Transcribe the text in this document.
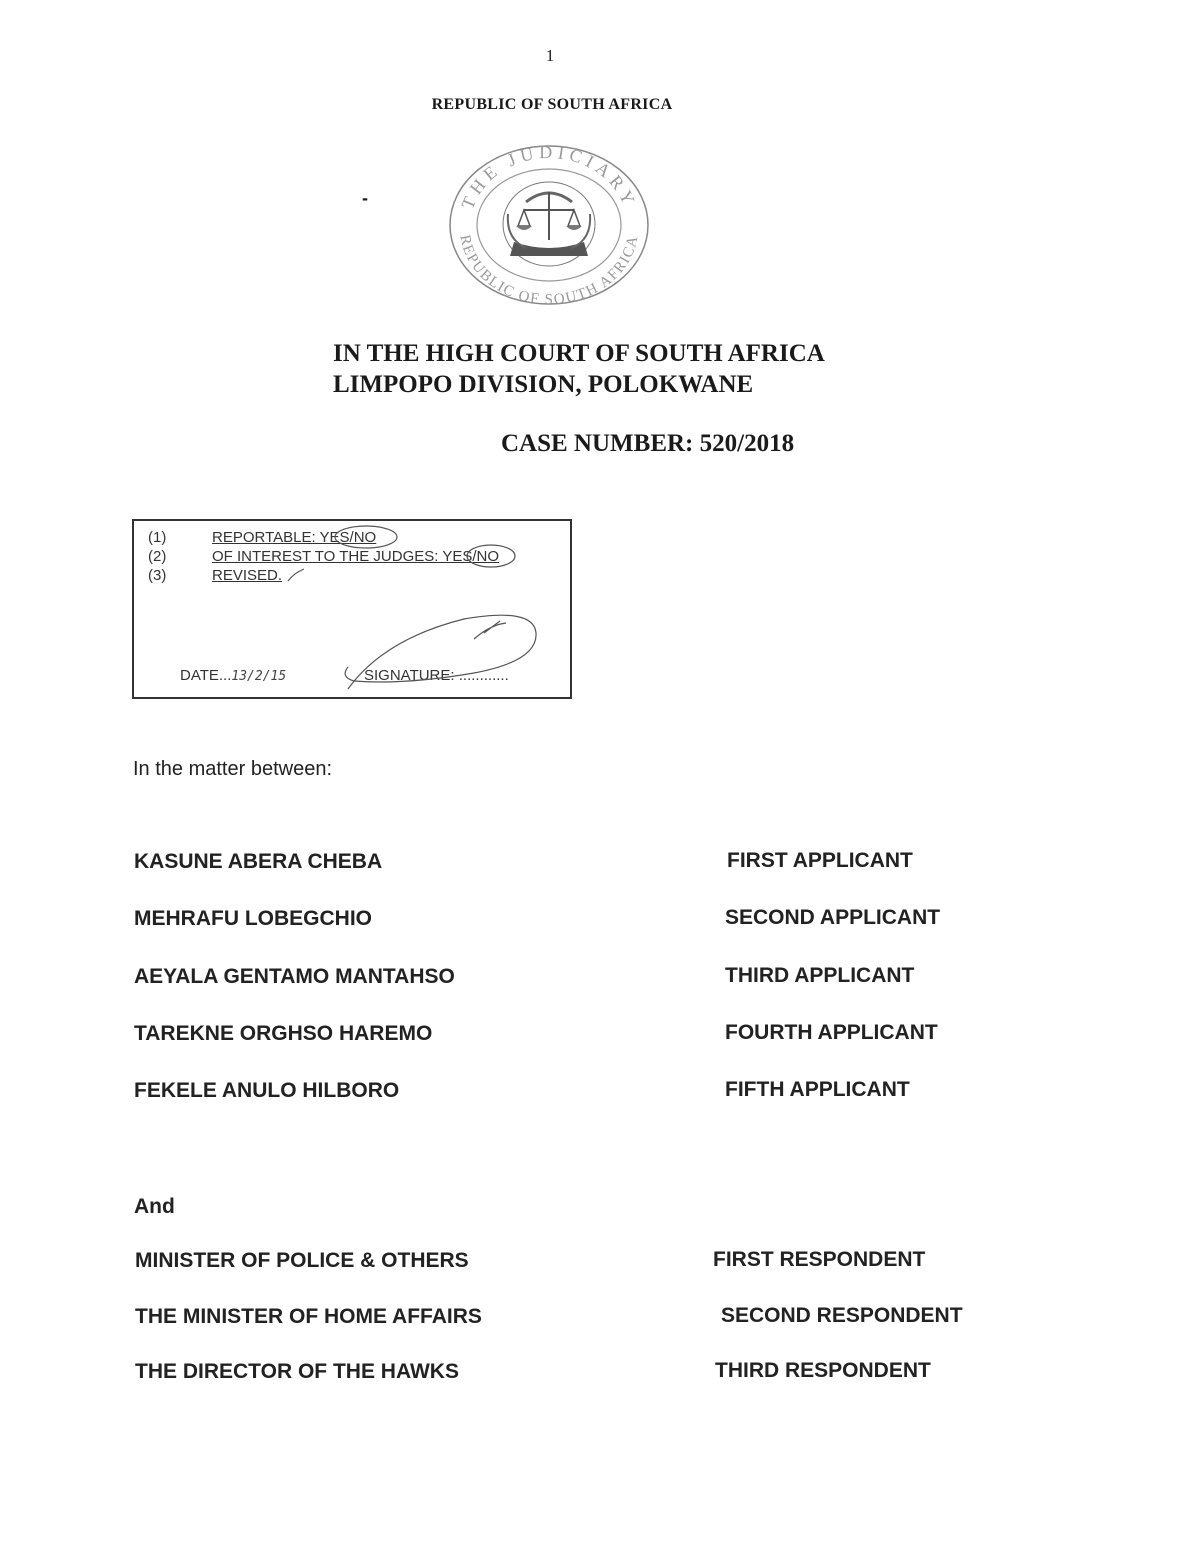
1
REPUBLIC OF SOUTH AFRICA
-	THE JUDICIARY
REPUBLIC OF SOUTH AFRICA
IN THE HIGH COURT OF SOUTH AFRICA
LIMPOPO DIVISION, POLOKWANE
CASE NUMBER: 520/2018
(1)	REPORTABLE: YES/NO
(2)	OF INTEREST TO THE JUDGES: YES/NO
(3)	REVISED.
DATE...13/2/15	SIGNATURE: ............
In the matter between:
KASUNE ABERA CHEBA	FIRST APPLICANT
MEHRAFU LOBEGCHIO	SECOND APPLICANT
AEYALA GENTAMO MANTAHSO	THIRD APPLICANT
TAREKNE ORGHSO HAREMO	FOURTH APPLICANT
FEKELE ANULO HILBORO	FIFTH APPLICANT
And
MINISTER OF POLICE & OTHERS	FIRST RESPONDENT
THE MINISTER OF HOME AFFAIRS	SECOND RESPONDENT
THE DIRECTOR OF THE HAWKS	THIRD RESPONDENT
